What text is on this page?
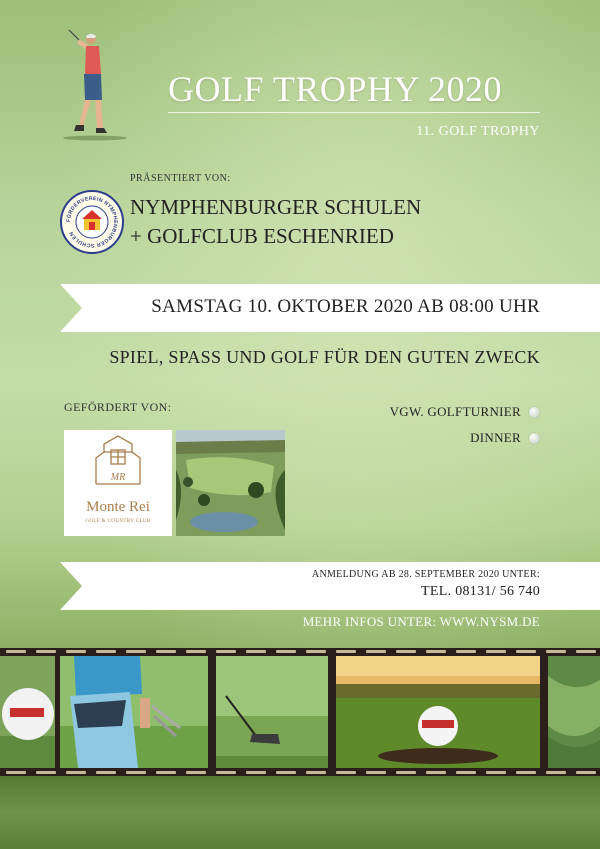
GOLF TROPHY 2020
11. GOLF TROPHY
PRÄSENTIERT VON:
FÖRDERVEREIN NYMPHENBURGER SCHULEN
NYMPHENBURGER SCHULEN
+ GOLFCLUB ESCHENRIED
SAMSTAG 10. OKTOBER 2020 AB 08:00 UHR
SPIEL, SPASS UND GOLF FÜR DEN GUTEN ZWECK
GEFÖRDERT VON:	VGW. GOLFTURNIER
DINNER
MR
Monte Rei
GOLF & COUNTRY CLUB
ANMELDUNG AB 28. SEPTEMBER 2020 UNTER:
TEL. 08131/ 56 740
MEHR INFOS UNTER: WWW.NYSM.DE
